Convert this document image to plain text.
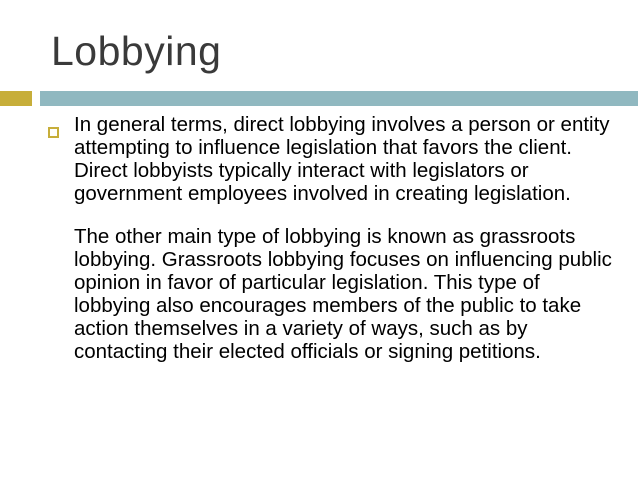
Lobbying

In general terms, direct lobbying involves a person or entity attempting to influence legislation that favors the client. Direct lobbyists typically interact with legislators or government employees involved in creating legislation.

The other main type of lobbying is known as grassroots lobbying. Grassroots lobbying focuses on influencing public opinion in favor of particular legislation. This type of lobbying also encourages members of the public to take action themselves in a variety of ways, such as by contacting their elected officials or signing petitions.
